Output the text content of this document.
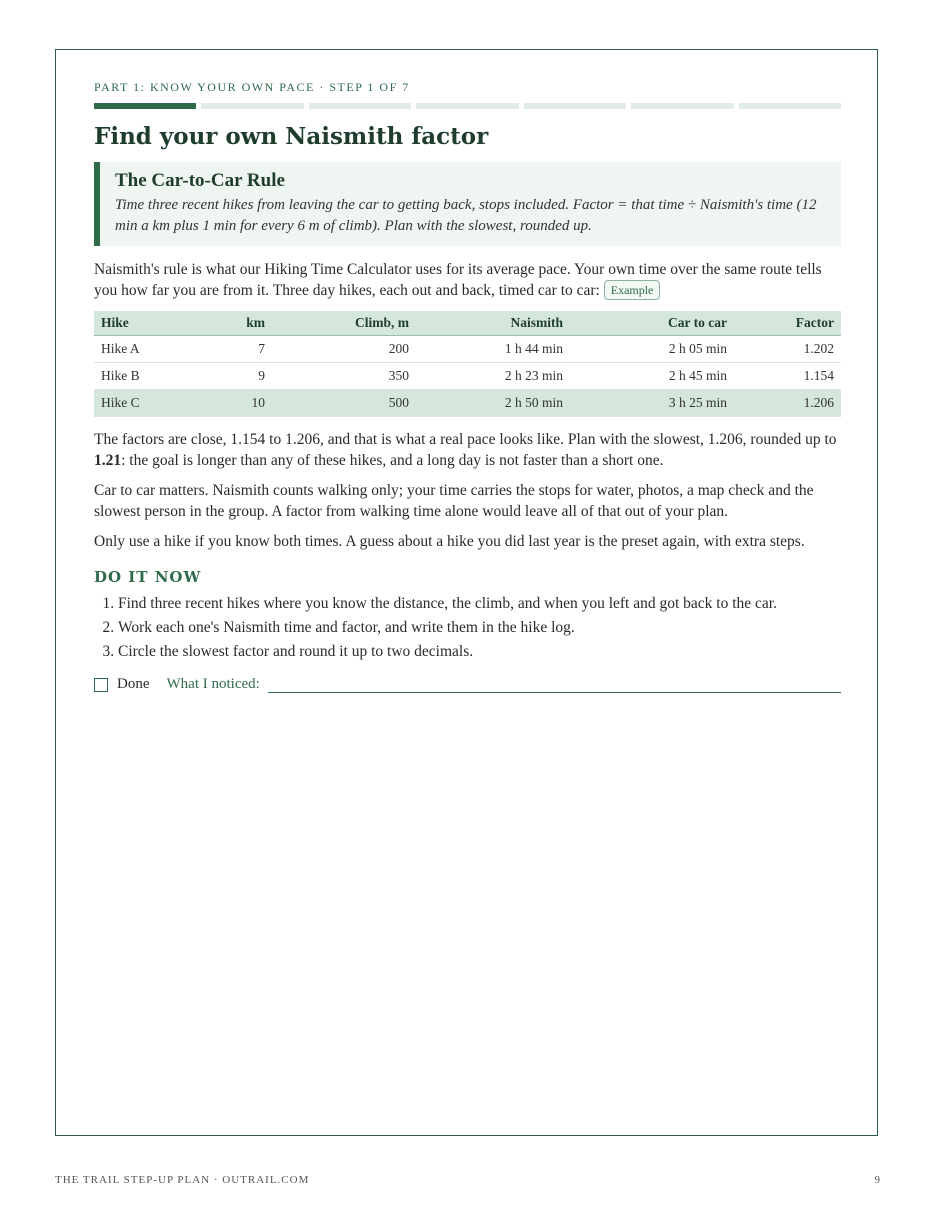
PART 1: KNOW YOUR OWN PACE · STEP 1 OF 7

Find your own Naismith factor
The Car-to-Car Rule

Time three recent hikes from leaving the car to getting back, stops included. Factor = that time ÷ Naismith's time (12 min a km plus 1 min for every 6 m of climb). Plan with the slowest, rounded up.

Naismith's rule is what our Hiking Time Calculator uses for its average pace. Your own time over the same route tells you how far you are from it. Three day hikes, each out and back, timed car to car: Example

Hike	km	Climb, m	Naismith	Car to car	Factor
Hike A	7	200	1 h 44 min	2 h 05 min	1.202
Hike B	9	350	2 h 23 min	2 h 45 min	1.154
Hike C	10	500	2 h 50 min	3 h 25 min	1.206

The factors are close, 1.154 to 1.206, and that is what a real pace looks like. Plan with the slowest, 1.206, rounded up to 1.21: the goal is longer than any of these hikes, and a long day is not faster than a short one.

Car to car matters. Naismith counts walking only; your time carries the stops for water, photos, a map check and the slowest person in the group. A factor from walking time alone would leave all of that out of your plan.

Only use a hike if you know both times. A guess about a hike you did last year is the preset again, with extra steps.

DO IT NOW
1. Find three recent hikes where you know the distance, the climb, and when you left and got back to the car.
2. Work each one's Naismith time and factor, and write them in the hike log.
3. Circle the slowest factor and round it up to two decimals.
Done What I noticed:
THE TRAIL STEP-UP PLAN · OUTRAIL.COM	9
